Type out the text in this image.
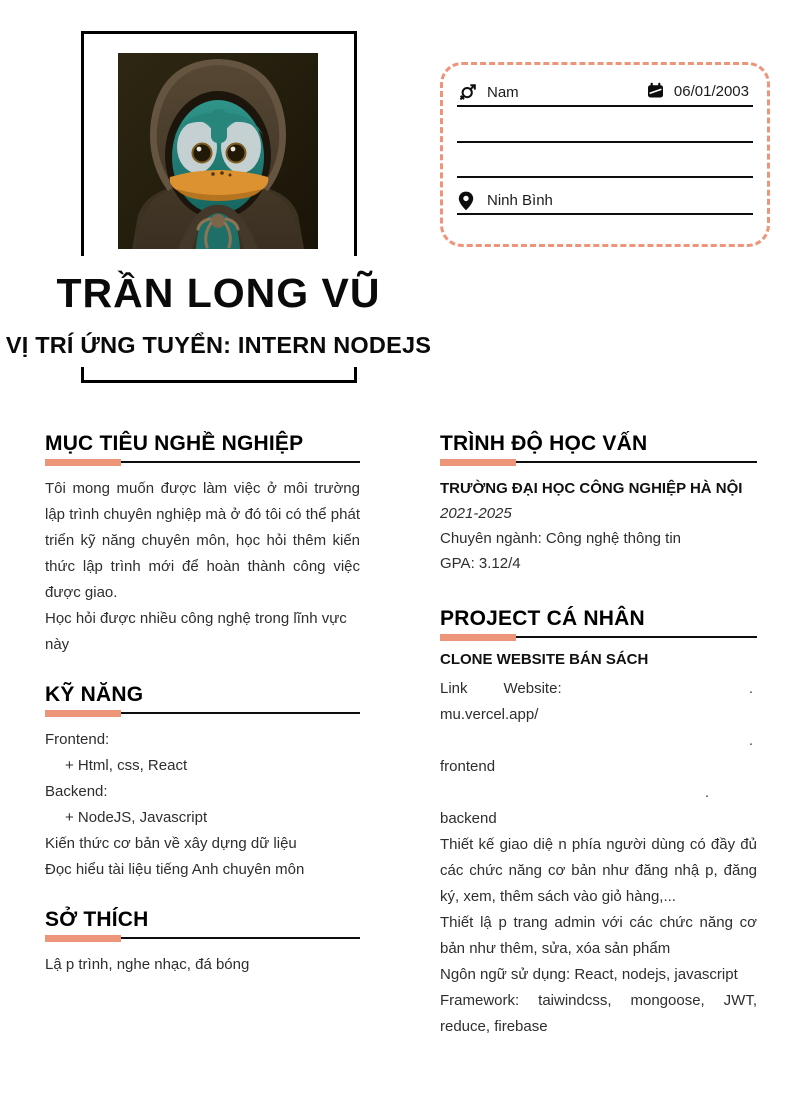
TRẦN LONG VŨ
VỊ TRÍ ỨNG TUYỂN: INTERN NODEJS
Nam	06/01/2003
Ninh Bình
MỤC TIÊU NGHỀ NGHIỆP

Tôi mong muốn được làm việc ở môi trường lập trình chuyên nghiệp mà ở đó tôi có thể phát triển kỹ năng chuyên môn, học hỏi thêm kiến thức lập trình mới để hoàn thành công việc được giao.

Học hỏi được nhiều công nghệ trong lĩnh vực này

KỸ NĂNG
Frontend:
+ Html, css, React
Backend:
+ NodeJS, Javascript
Kiến thức cơ bản về xây dựng dữ liệu
Đọc hiểu tài liệu tiếng Anh chuyên môn
SỞ THÍCH

Lậ p trình, nghe nhạc, đá bóng

TRÌNH ĐỘ HỌC VẤN
TRƯỜNG ĐẠI HỌC CÔNG NGHIỆP HÀ NỘI
2021-2025
Chuyên ngành: Công nghệ thông tin
GPA: 3.12/4
PROJECT CÁ NHÂN
CLONE WEBSITE BÁN SÁCH
Link Website:	.
mu.vercel.app/
.
frontend
.
backend

Thiết kế giao diệ n phía người dùng có đầy đủ các chức năng cơ bản như đăng nhậ p, đăng ký, xem, thêm sách vào giỏ hàng,...

Thiết lậ p trang admin với các chức năng cơ bản như thêm, sửa, xóa sản phẩm

Ngôn ngữ sử dụng: React, nodejs, javascript

Framework: taiwindcss, mongoose, JWT, reduce, firebase
